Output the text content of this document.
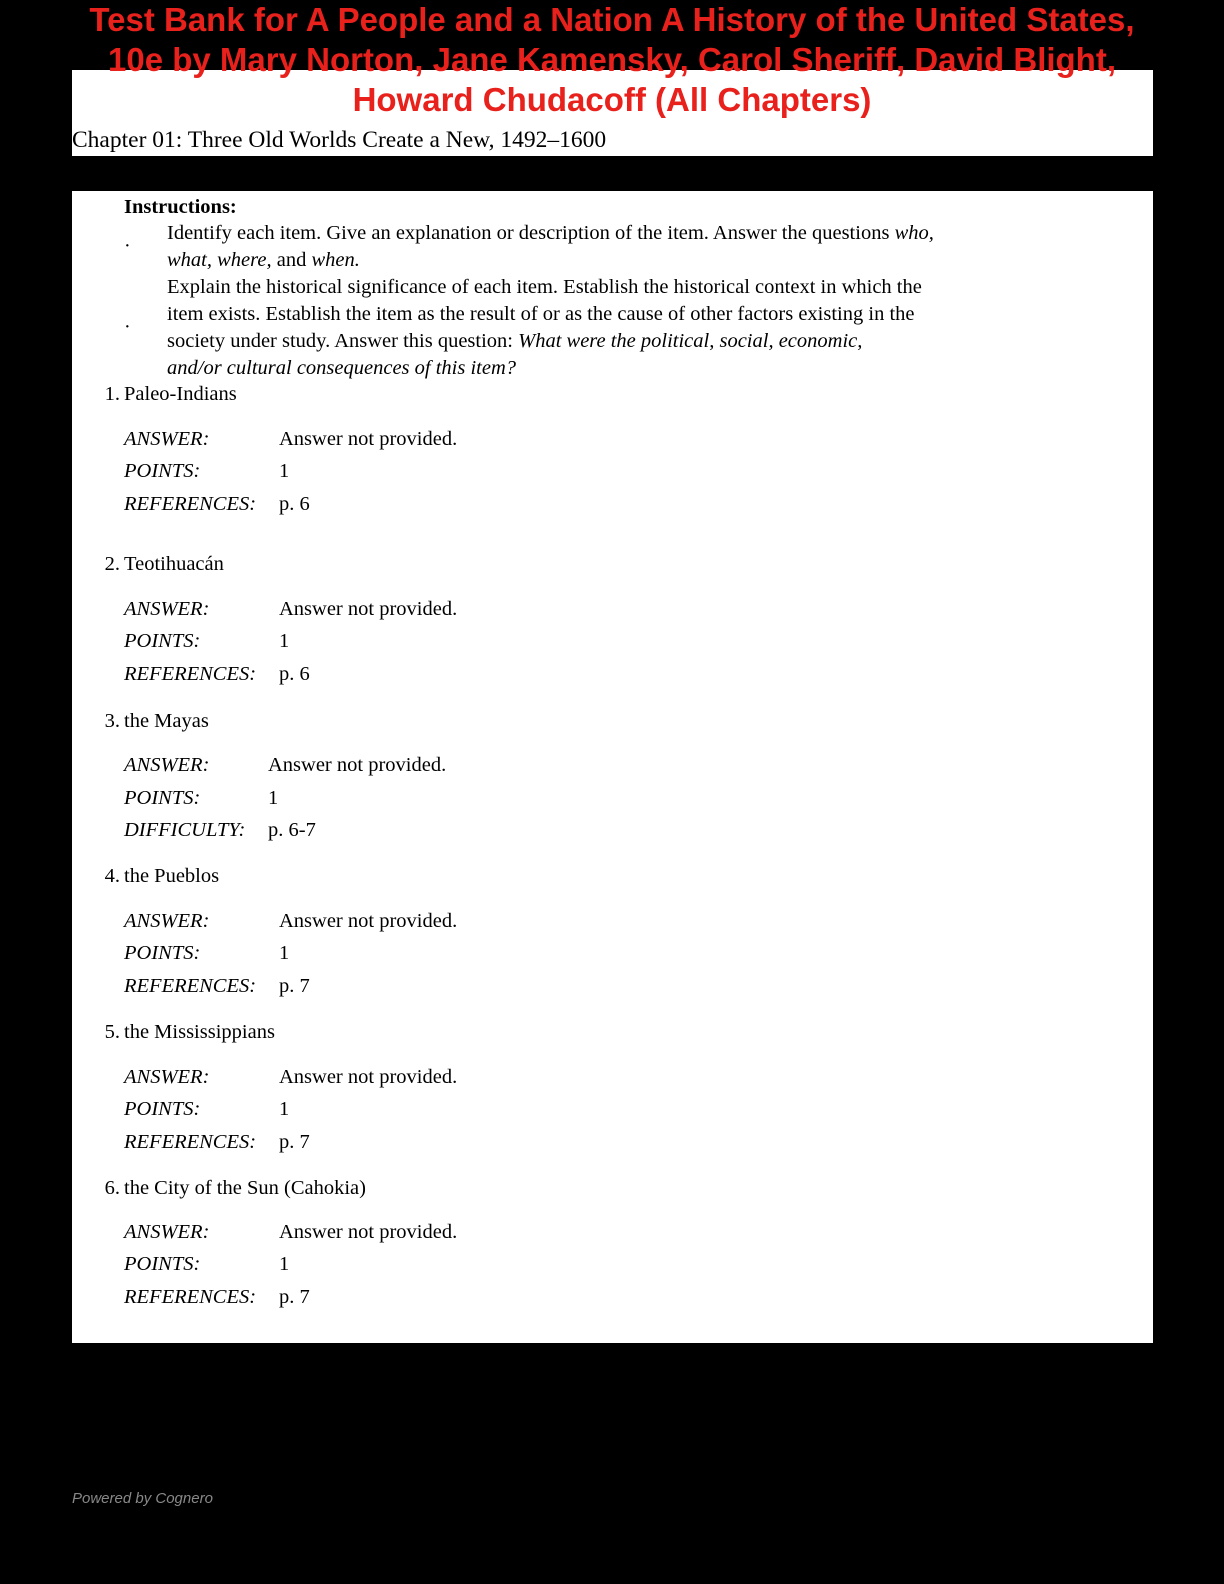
Test Bank for A People and a Nation A History of the United States,
10e by Mary Norton, Jane Kamensky, Carol Sheriff, David Blight,
Howard Chudacoff (All Chapters)
Chapter 01: Three Old Worlds Create a New, 1492–1600
Instructions:
·
Identify each item. Give an explanation or description of the item. Answer the questions who,
what, where, and when.
·
Explain the historical significance of each item. Establish the historical context in which the
item exists. Establish the item as the result of or as the cause of other factors existing in the
society under study. Answer this question: What were the political, social, economic,
and/or cultural consequences of this item?
1. Paleo-Indians
ANSWER:	Answer not provided.
POINTS:	1
REFERENCES: p. 6
2. Teotihuacán
ANSWER:	Answer not provided.
POINTS:	1
REFERENCES: p. 6
3. the Mayas
ANSWER:	Answer not provided.
POINTS:	1
DIFFICULTY: p. 6-7
4. the Pueblos
ANSWER:	Answer not provided.
POINTS:	1
REFERENCES: p. 7
5. the Mississippians
ANSWER:	Answer not provided.
POINTS:	1
REFERENCES: p. 7
6. the City of the Sun (Cahokia)
ANSWER:	Answer not provided.
POINTS:	1
REFERENCES: p. 7
Powered by Cognero
